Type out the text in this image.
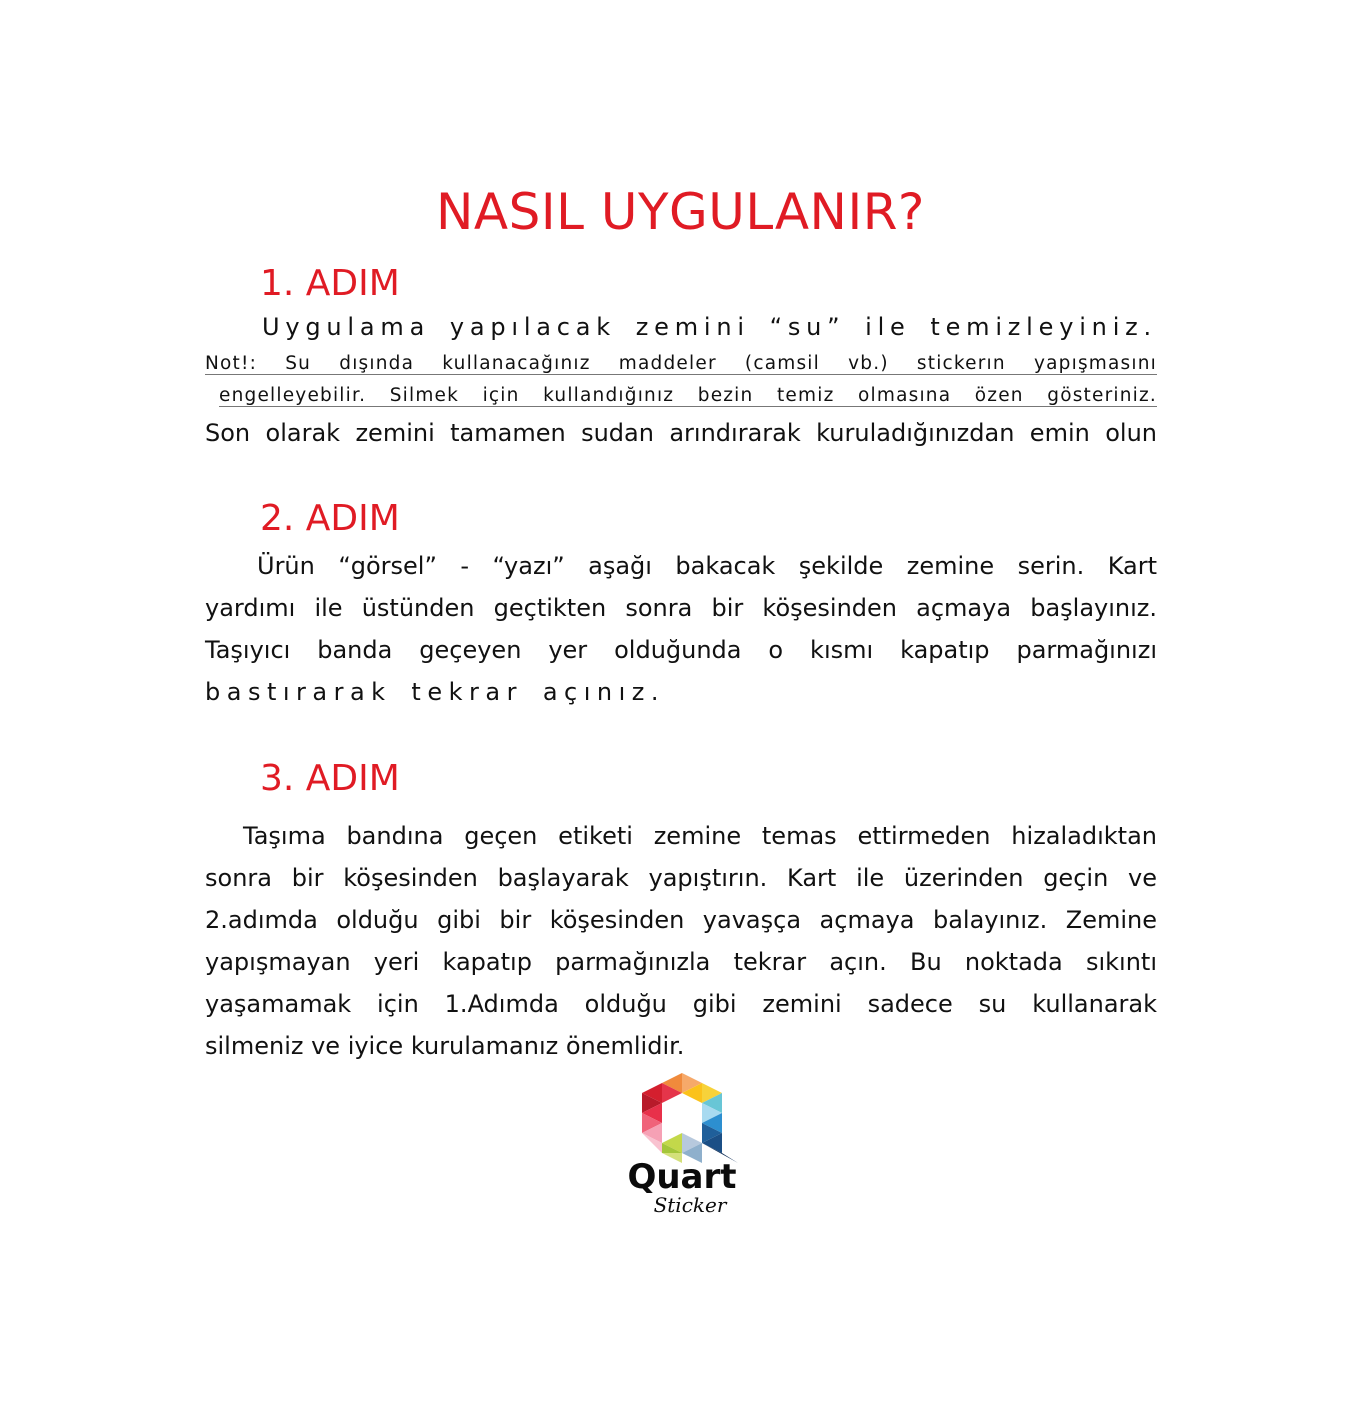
NASIL UYGULANIR?
1. ADIM
Uygulama yapılacak zemini “su” ile temizleyiniz.
Not!: Su dışında kullanacağınız maddeler (camsil vb.) stickerın yapışmasını
engelleyebilir. Silmek için kullandığınız bezin temiz olmasına özen gösteriniz.
Son olarak zemini tamamen sudan arındırarak kuruladığınızdan emin olun
2. ADIM
Ürün “görsel” - “yazı” aşağı bakacak şekilde zemine serin. Kart
yardımı ile üstünden geçtikten sonra bir köşesinden açmaya başlayınız.
Taşıyıcı banda geçeyen yer olduğunda o kısmı kapatıp parmağınızı
bastırarak tekrar açınız.
3. ADIM
Taşıma bandına geçen etiketi zemine temas ettirmeden hizaladıktan
sonra bir köşesinden başlayarak yapıştırın. Kart ile üzerinden geçin ve
2.adımda olduğu gibi bir köşesinden yavaşça açmaya balayınız. Zemine
yapışmayan yeri kapatıp parmağınızla tekrar açın. Bu noktada sıkıntı
yaşamamak için 1.Adımda olduğu gibi zemini sadece su kullanarak
silmeniz ve iyice kurulamanız önemlidir.
Quart
Sticker
